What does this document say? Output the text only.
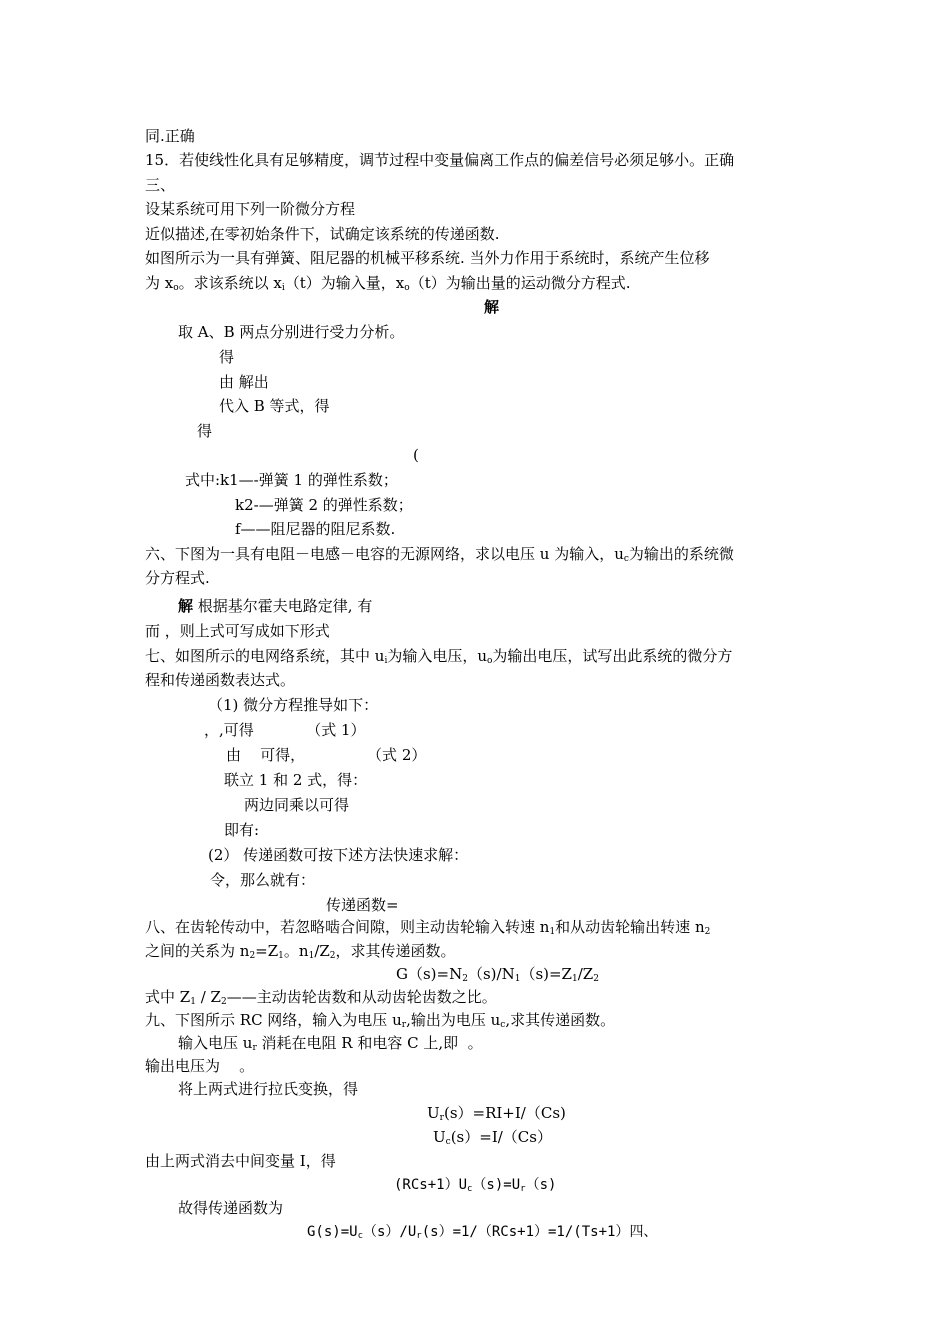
同.正确
15．若使线性化具有足够精度，调节过程中变量偏离工作点的偏差信号必须足够小。正确
三、
设某系统可用下列一阶微分方程
近似描述,在零初始条件下，试确定该系统的传递函数.
如图所示为一具有弹簧、阻尼器的机械平移系统. 当外力作用于系统时，系统产生位移
为 $x_o$。求该系统以 $x_i(t)$为输入量，$x_o(t)$为输出量的运动微分方程式.
解
取 A、B 两点分别进行受力分析。
得
由 解出
代入 B 等式，得
得
(
式中:k1—-弹簧 1 的弹性系数；
k2-—弹簧 2 的弹性系数；
f——阻尼器的阻尼系数.
六、下图为一具有电阻－电感－电容的无源网络，求以电压 u 为输入，$u_c$为输出的系统微
分方程式.
解 根据基尔霍夫电路定律, 有
而 ，则上式可写成如下形式
七、如图所示的电网络系统，其中 $u_i$为输入电压，$u_o$为输出电压，试写出此系统的微分方
程和传递函数表达式。
（1) 微分方程推导如下：
，,可得           （式 1）
由    可得，             （式 2）
联立 1 和 2 式，得：
两边同乘以可得
即有:
(2） 传递函数可按下述方法快速求解：
令，那么就有：
传递函数=
八、在齿轮传动中，若忽略啮合间隙，则主动齿轮输入转速 $n_1$和从动齿轮输出转速 $n_2$
之间的关系为 $n_2=Z_1$。$n_1/Z_2$，求其传递函数。
$G(s)=N_2(s)/N_1(s)=Z_1/Z_2$
式中 $Z_1$ / $Z_2——$主动齿轮齿数和从动齿轮齿数之比。
九、下图所示 RC 网络，输入为电压 $u_r$,输出为电压 $u_c$,求其传递函数。
输入电压 $u_r$ 消耗在电阻 R 和电容 C 上,即  。
输出电压为    。
将上两式进行拉氏变换，得
$U_r(s)=RI+I/(Cs)$
$U_c(s)=I/(Cs)$
由上两式消去中间变量 I，得
$(RCs+1)U_c(s)=U_r(s)$
故得传递函数为
$G(s)=U_c(s)/U_r(s)=1/(RCs+1)=1/(Ts+1)$四、
